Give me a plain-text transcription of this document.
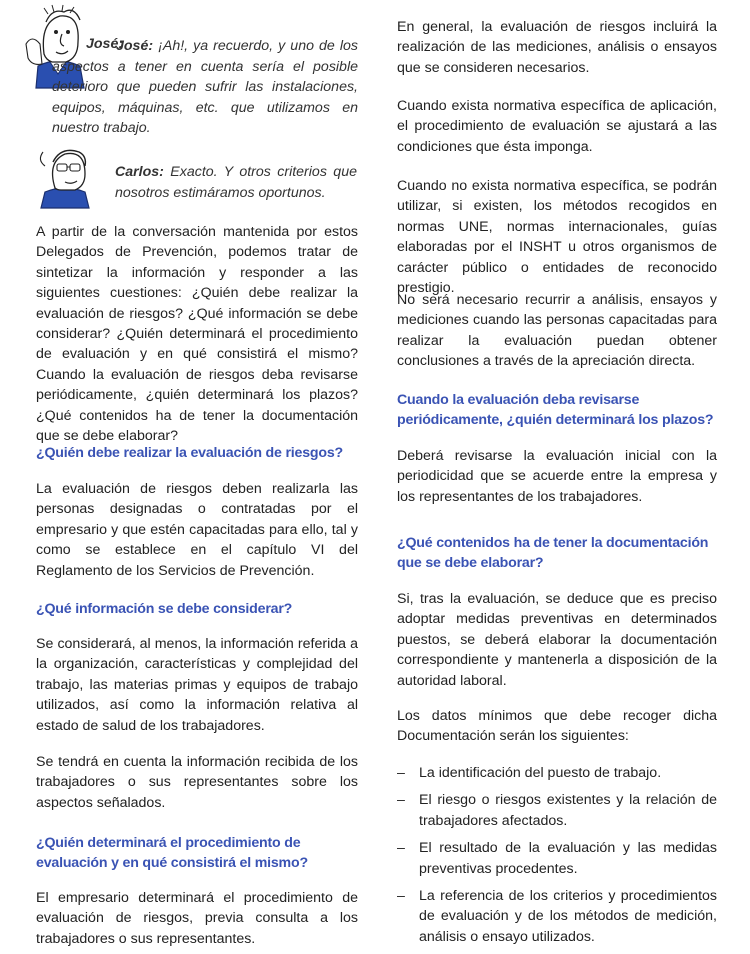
José:
José: ¡Ah!, ya recuerdo, y uno de los aspectos a tener en cuenta sería el posible deterioro que pueden sufrir las instalaciones, equipos, máquinas, etc. que utilizamos en nuestro trabajo.
Carlos: Exacto. Y otros criterios que nosotros estimáramos oportunos.

A partir de la conversación mantenida por estos Delegados de Prevención, podemos tratar de sintetizar la información y responder a las siguientes cuestiones: ¿Quién debe realizar la evaluación de riesgos? ¿Qué información se debe considerar? ¿Quién determinará el procedimiento de evaluación y en qué consistirá el mismo? Cuando la evaluación de riesgos deba revisarse periódicamente, ¿quién determinará los plazos? ¿Qué contenidos ha de tener la documentación que se debe elaborar?

¿Quién debe realizar la evaluación de riesgos?

La evaluación de riesgos deben realizarla las personas designadas o contratadas por el empresario y que estén capacitadas para ello, tal y como se establece en el capítulo VI del Reglamento de los Servicios de Prevención.

¿Qué información se debe considerar?

Se considerará, al menos, la información referida a la organización, características y complejidad del trabajo, las materias primas y equipos de trabajo utilizados, así como la información relativa al estado de salud de los trabajadores.

Se tendrá en cuenta la información recibida de los trabajadores o sus representantes sobre los aspectos señalados.

¿Quién determinará el procedimiento de
evaluación y en qué consistirá el mismo?

El empresario determinará el procedimiento de evaluación de riesgos, previa consulta a los trabajadores o sus representantes.

En general, la evaluación de riesgos incluirá la realización de las mediciones, análisis o ensayos que se consideren necesarios.

Cuando exista normativa específica de aplicación, el procedimiento de evaluación se ajustará a las condiciones que ésta imponga.

Cuando no exista normativa específica, se podrán utilizar, si existen, los métodos recogidos en normas UNE, normas internacionales, guías elaboradas por el INSHT u otros organismos de carácter público o entidades de reconocido prestigio.

No será necesario recurrir a análisis, ensayos y mediciones cuando las personas capacitadas para realizar la evaluación puedan obtener conclusiones a través de la apreciación directa.

Cuando la evaluación deba revisarse
periódicamente, ¿quién determinará los plazos?

Deberá revisarse la evaluación inicial con la periodicidad que se acuerde entre la empresa y los representantes de los trabajadores.

¿Qué contenidos ha de tener la documentación
que se debe elaborar?

Si, tras la evaluación, se deduce que es preciso adoptar medidas preventivas en determinados puestos, se deberá elaborar la documentación correspondiente y mantenerla a disposición de la autoridad laboral.

Los datos mínimos que debe recoger dicha Documentación serán los siguientes:

– La identificación del puesto de trabajo.
– El riesgo o riesgos existentes y la relación de trabajadores afectados.
– El resultado de la evaluación y las medidas preventivas procedentes.
– La referencia de los criterios y procedimientos de evaluación y de los métodos de medición, análisis o ensayo utilizados.
